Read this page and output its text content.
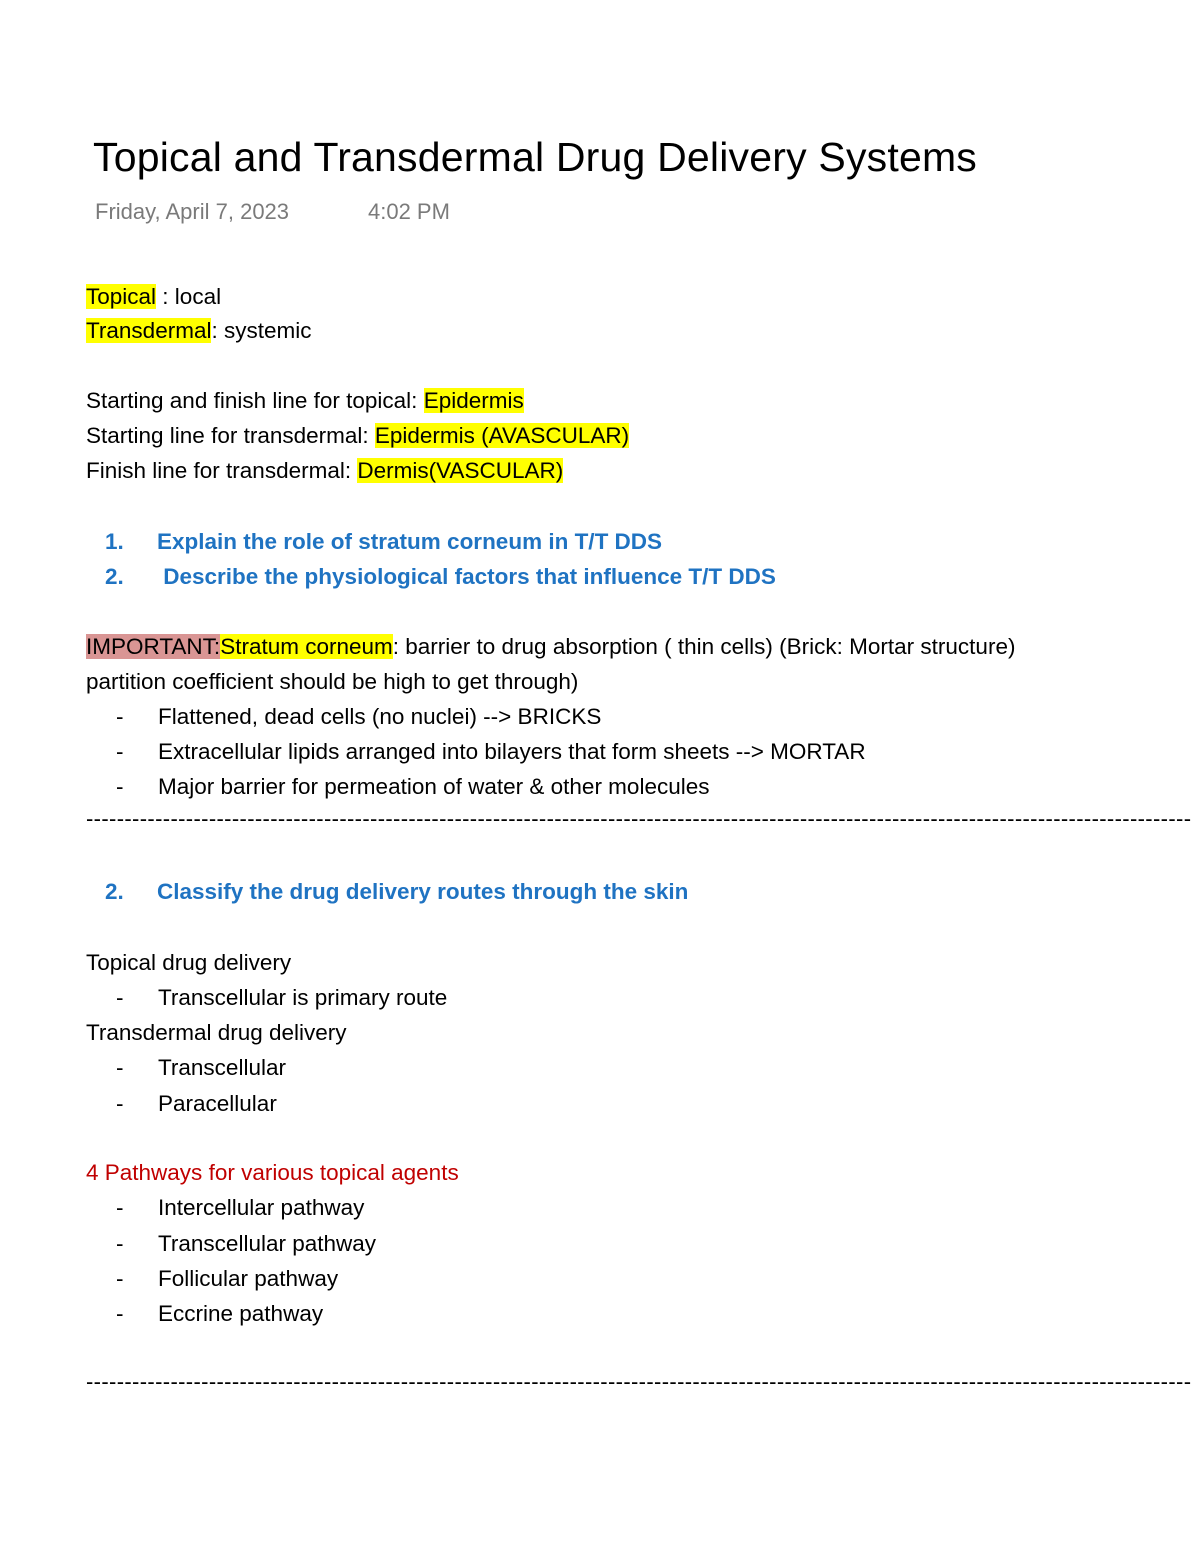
Topical and Transdermal Drug Delivery Systems
Friday, April 7, 2023	4:02 PM
Topical : local
Transdermal: systemic
Starting and finish line for topical: Epidermis
Starting line for transdermal: Epidermis (AVASCULAR)
Finish line for transdermal: Dermis(VASCULAR)
1. Explain the role of stratum corneum in T/T DDS
2. Describe the physiological factors that influence T/T DDS
IMPORTANT:Stratum corneum: barrier to drug absorption ( thin cells) (Brick: Mortar structure)
partition coefficient should be high to get through)
- Flattened, dead cells (no nuclei) --> BRICKS
- Extracellular lipids arranged into bilayers that form sheets --> MORTAR
- Major barrier for permeation of water & other molecules
------------------------------------------------------------------------------------------------------------------------------------------------
2. Classify the drug delivery routes through the skin
Topical drug delivery
- Transcellular is primary route
Transdermal drug delivery
- Transcellular
- Paracellular
4 Pathways for various topical agents
- Intercellular pathway
- Transcellular pathway
- Follicular pathway
- Eccrine pathway
------------------------------------------------------------------------------------------------------------------------------------------------
